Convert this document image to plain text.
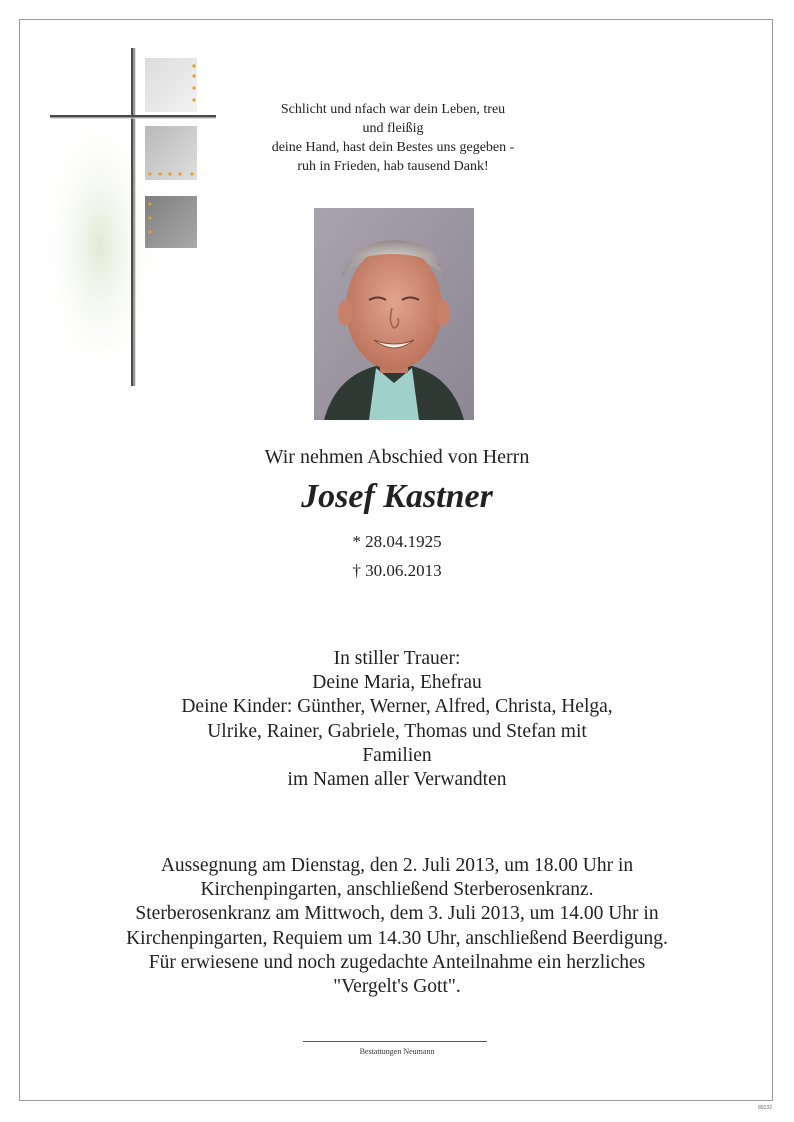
Schlicht und nfach war dein Leben, treu
und fleißig
deine Hand, hast dein Bestes uns gegeben -
ruh in Frieden, hab tausend Dank!
Wir nehmen Abschied von Herrn
Josef Kastner
* 28.04.1925
† 30.06.2013
In stiller Trauer:
Deine Maria, Ehefrau
Deine Kinder: Günther, Werner, Alfred, Christa, Helga,
Ulrike, Rainer, Gabriele, Thomas und Stefan mit
Familien
im Namen aller Verwandten
Aussegnung am Dienstag, den 2. Juli 2013, um 18.00 Uhr in
Kirchenpingarten, anschließend Sterberosenkranz.
Sterberosenkranz am Mittwoch, dem 3. Juli 2013, um 14.00 Uhr in
Kirchenpingarten, Requiem um 14.30 Uhr, anschließend Beerdigung.
Für erwiesene und noch zugedachte Anteilnahme ein herzliches
"Vergelt's Gott".
Bestattungen Neumann
89132
